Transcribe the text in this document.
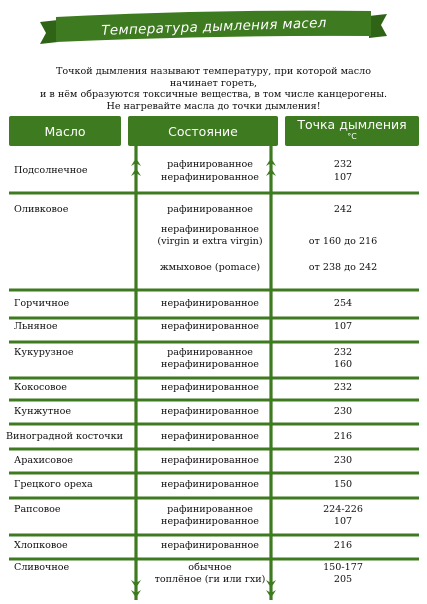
Температура дымления масел
Точкой дымления называют температуру, при которой масло
начинает гореть,
и в нём образуются токсичные вещества, в том числе канцерогены.
Не нагревайте масла до точки дымления!
Масло	Состояние	Точка дымления
°C
Подсолнечное
рафинированное	232
нерафинированное	107
Оливковое	рафинированное	242
нерафинированное
(virgin и extra virgin)	от 160 до 216
жмыховое (pomace)	от 238 до 242
Горчичное	нерафинированное	254
Льняное	нерафинированное	107
Кукурузное	рафинированное	232
нерафинированное	160
Кокосовое	нерафинированное	232
Кунжутное	нерафинированное	230
Виноградной косточки	нерафинированное	216
Арахисовое	нерафинированное	230
Грецкого ореха	нерафинированное	150
Рапсовое	рафинированное	224-226
нерафинированное	107
Хлопковое	нерафинированное	216
Сливочное	обычное	150-177
топлёное (ги или гхи)	205
